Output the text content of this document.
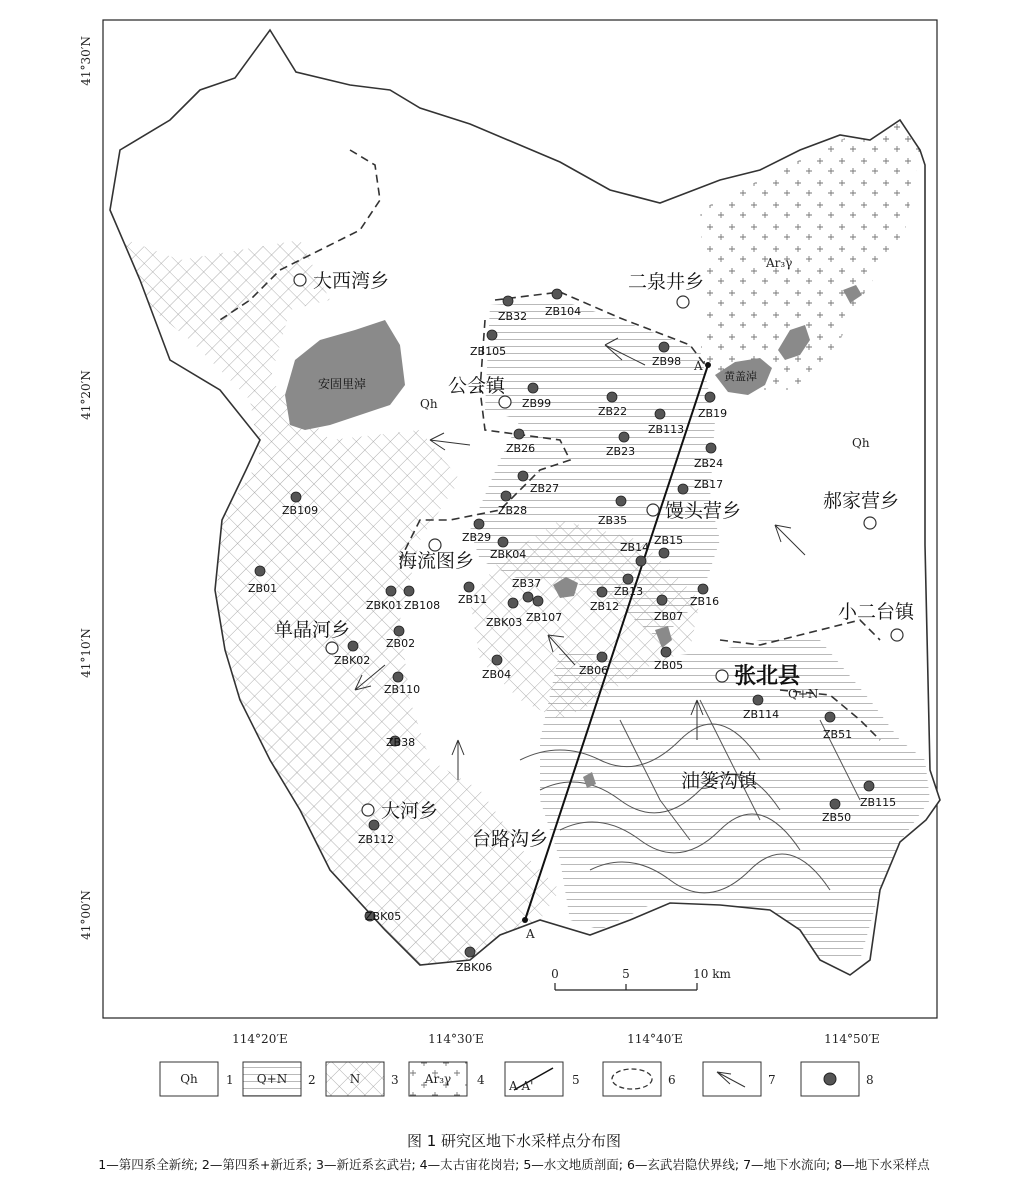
A
A'
安固里淖
黄盖淖
Qh
Qh
Q+N
Ar₃γ
大西湾乡	二泉井乡
公会镇
郝家营乡
馒头营乡
海流图乡
单晶河乡
小二台镇
张北县
油篓沟镇
大河乡
台路沟乡
ZB32 ZB104
ZB105
ZB98
ZB99
ZB22
ZB113
ZB19
ZB26	ZB23
ZB24
ZB17
ZB27
ZB109
ZB35
ZB28
ZB29
ZBK04
ZB14
ZB15
ZB01	ZB37
ZBK01 ZB108 ZB11
ZB13
ZB12	ZB16
ZB07
ZBK03 ZB107
ZB02
ZBK02
ZB06	ZB05
ZB04
ZB110
ZB114
ZB51
ZB38
ZB115
ZB50
ZB112
ZBK05
ZBK06
41°30′N
41°20′N
41°10′N
41°00′N
114°20′E	114°30′E	114°40′E	114°50′E
0	5	10 km
Qh 1 Q+N 2	N	3 Ar₃γ 4 A A'	5	6	7	8
图 1 研究区地下水采样点分布图
1—第四系全新统; 2—第四系+新近系; 3—新近系玄武岩; 4—太古宙花岗岩; 5—水文地质剖面; 6—玄武岩隐伏界线; 7—地下水流向; 8—地下水采样点
